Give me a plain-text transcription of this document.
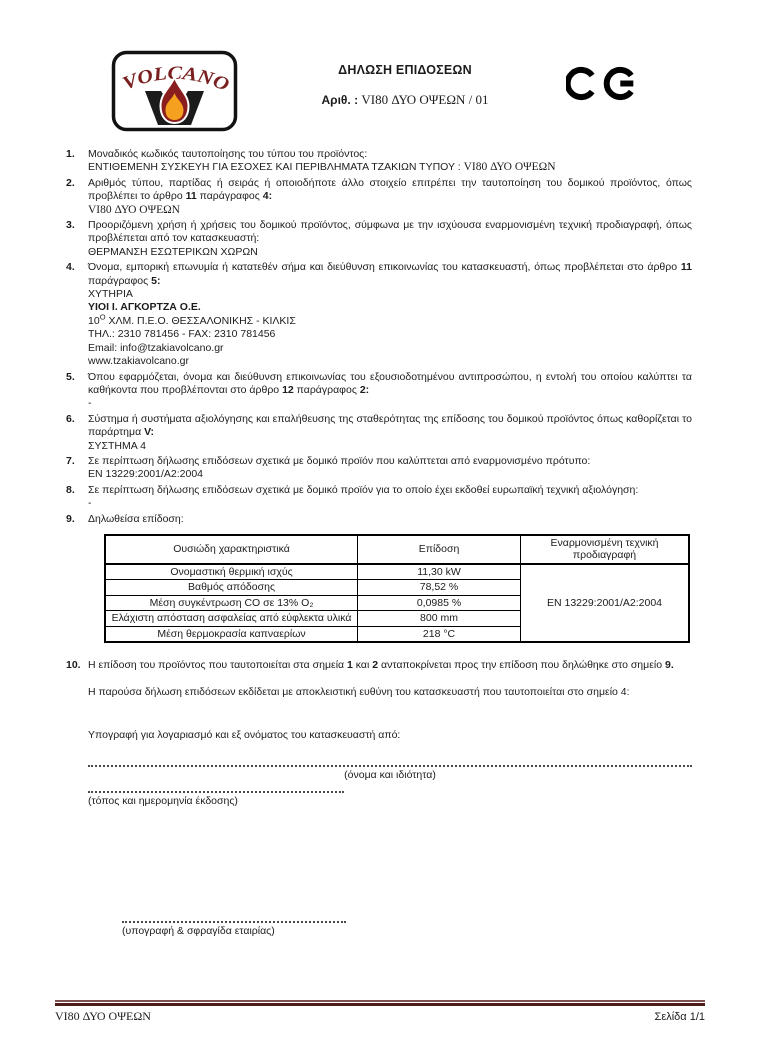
VOLCANO
ΔΗΛΩΣΗ ΕΠΙΔΟΣΕΩΝ
Αριθ. : VI80 ΔΥΟ ΟΨΕΩΝ / 01
1.	Μοναδικός κωδικός ταυτοποίησης του τύπου του προϊόντος:

ΕΝΤΙΘΕΜΕΝΗ ΣΥΣΚΕΥΗ ΓΙΑ ΕΣΟΧΕΣ ΚΑΙ ΠΕΡΙΒΛΗΜΑΤΑ ΤΖΑΚΙΩΝ ΤΥΠΟΥ : VI80 ΔΥΟ ΟΨΕΩΝ

2.	Αριθμός τύπου, παρτίδας ή σειράς ή οποιοδήποτε άλλο στοιχείο επιτρέπει την ταυτοποίηση του δομικού προϊόντος, όπως προβλέπει το άρθρο 11 παράγραφος 4:

VI80 ΔΥΟ ΟΨΕΩΝ

3.	Προοριζόμενη χρήση ή χρήσεις του δομικού προϊόντος, σύμφωνα με την ισχύουσα εναρμονισμένη τεχνική προδιαγραφή, όπως προβλέπεται από τον κατασκευαστή:

ΘΕΡΜΑΝΣΗ ΕΣΩΤΕΡΙΚΩΝ ΧΩΡΩΝ

4.	Όνομα, εμπορική επωνυμία ή κατατεθέν σήμα και διεύθυνση επικοινωνίας του κατασκευαστή, όπως προβλέπεται στο άρθρο 11 παράγραφος 5:

ΧΥΤΗΡΙΑ

ΥΙΟΙ Ι. ΑΓΚΟΡΤΖΑ Ο.Ε.

$10^O$ ΧΛΜ. Π.Ε.Ο. ΘΕΣΣΑΛΟΝΙΚΗΣ - ΚΙΛΚΙΣ

ΤΗΛ.: 2310 781456 - FAX: 2310 781456

Email: info@tzakiavolcano.gr

www.tzakiavolcano.gr

5.	Όπου εφαρμόζεται, όνομα και διεύθυνση επικοινωνίας του εξουσιοδοτημένου αντιπροσώπου, η εντολή του οποίου καλύπτει τα καθήκοντα που προβλέπονται στο άρθρο 12 παράγραφος 2:

-

6.	Σύστημα ή συστήματα αξιολόγησης και επαλήθευσης της σταθερότητας της επίδοσης του δομικού προϊόντος όπως καθορίζεται το παράρτημα V:

ΣΥΣΤΗΜΑ 4

7.	Σε περίπτωση δήλωσης επιδόσεων σχετικά με δομικό προϊόν που καλύπτεται από εναρμονισμένο πρότυπο:

EN 13229:2001/A2:2004

8.	Σε περίπτωση δήλωσης επιδόσεων σχετικά με δομικό προϊόν για το οποίο έχει εκδοθεί ευρωπαϊκή τεχνική αξιολόγηση:

-

9.	Δηλωθείσα επίδοση:

Ουσιώδη χαρακτηριστικά	Επίδοση	Εναρμονισμένη τεχνική προδιαγραφή
Ονομαστική θερμική ισχύς	11,30 kW	EN 13229:2001/A2:2004
Βαθμός απόδοσης	78,52 %	
Μέση συγκέντρωση CO σε 13% O₂	0,0985 %	
Ελάχιστη απόσταση ασφαλείας από εύφλεκτα υλικά	800 mm	
Μέση θερμοκρασία καπναερίων	218 °C	
10. Η επίδοση του προϊόντος που ταυτοποιείται στα σημεία 1 και 2 ανταποκρίνεται προς την επίδοση που δηλώθηκε στο σημείο 9.

Η παρούσα δήλωση επιδόσεων εκδίδεται με αποκλειστική ευθύνη του κατασκευαστή που ταυτοποιείται στο σημείο 4:

Υπογραφή για λογαριασμό και εξ ονόματος του κατασκευαστή από:

(όνομα και ιδιότητα)

(τόπος και ημερομηνία έκδοσης)

(υπογραφή & σφραγίδα εταιρίας)

VI80 ΔΥΟ ΟΨΕΩΝ	Σελίδα 1/1
